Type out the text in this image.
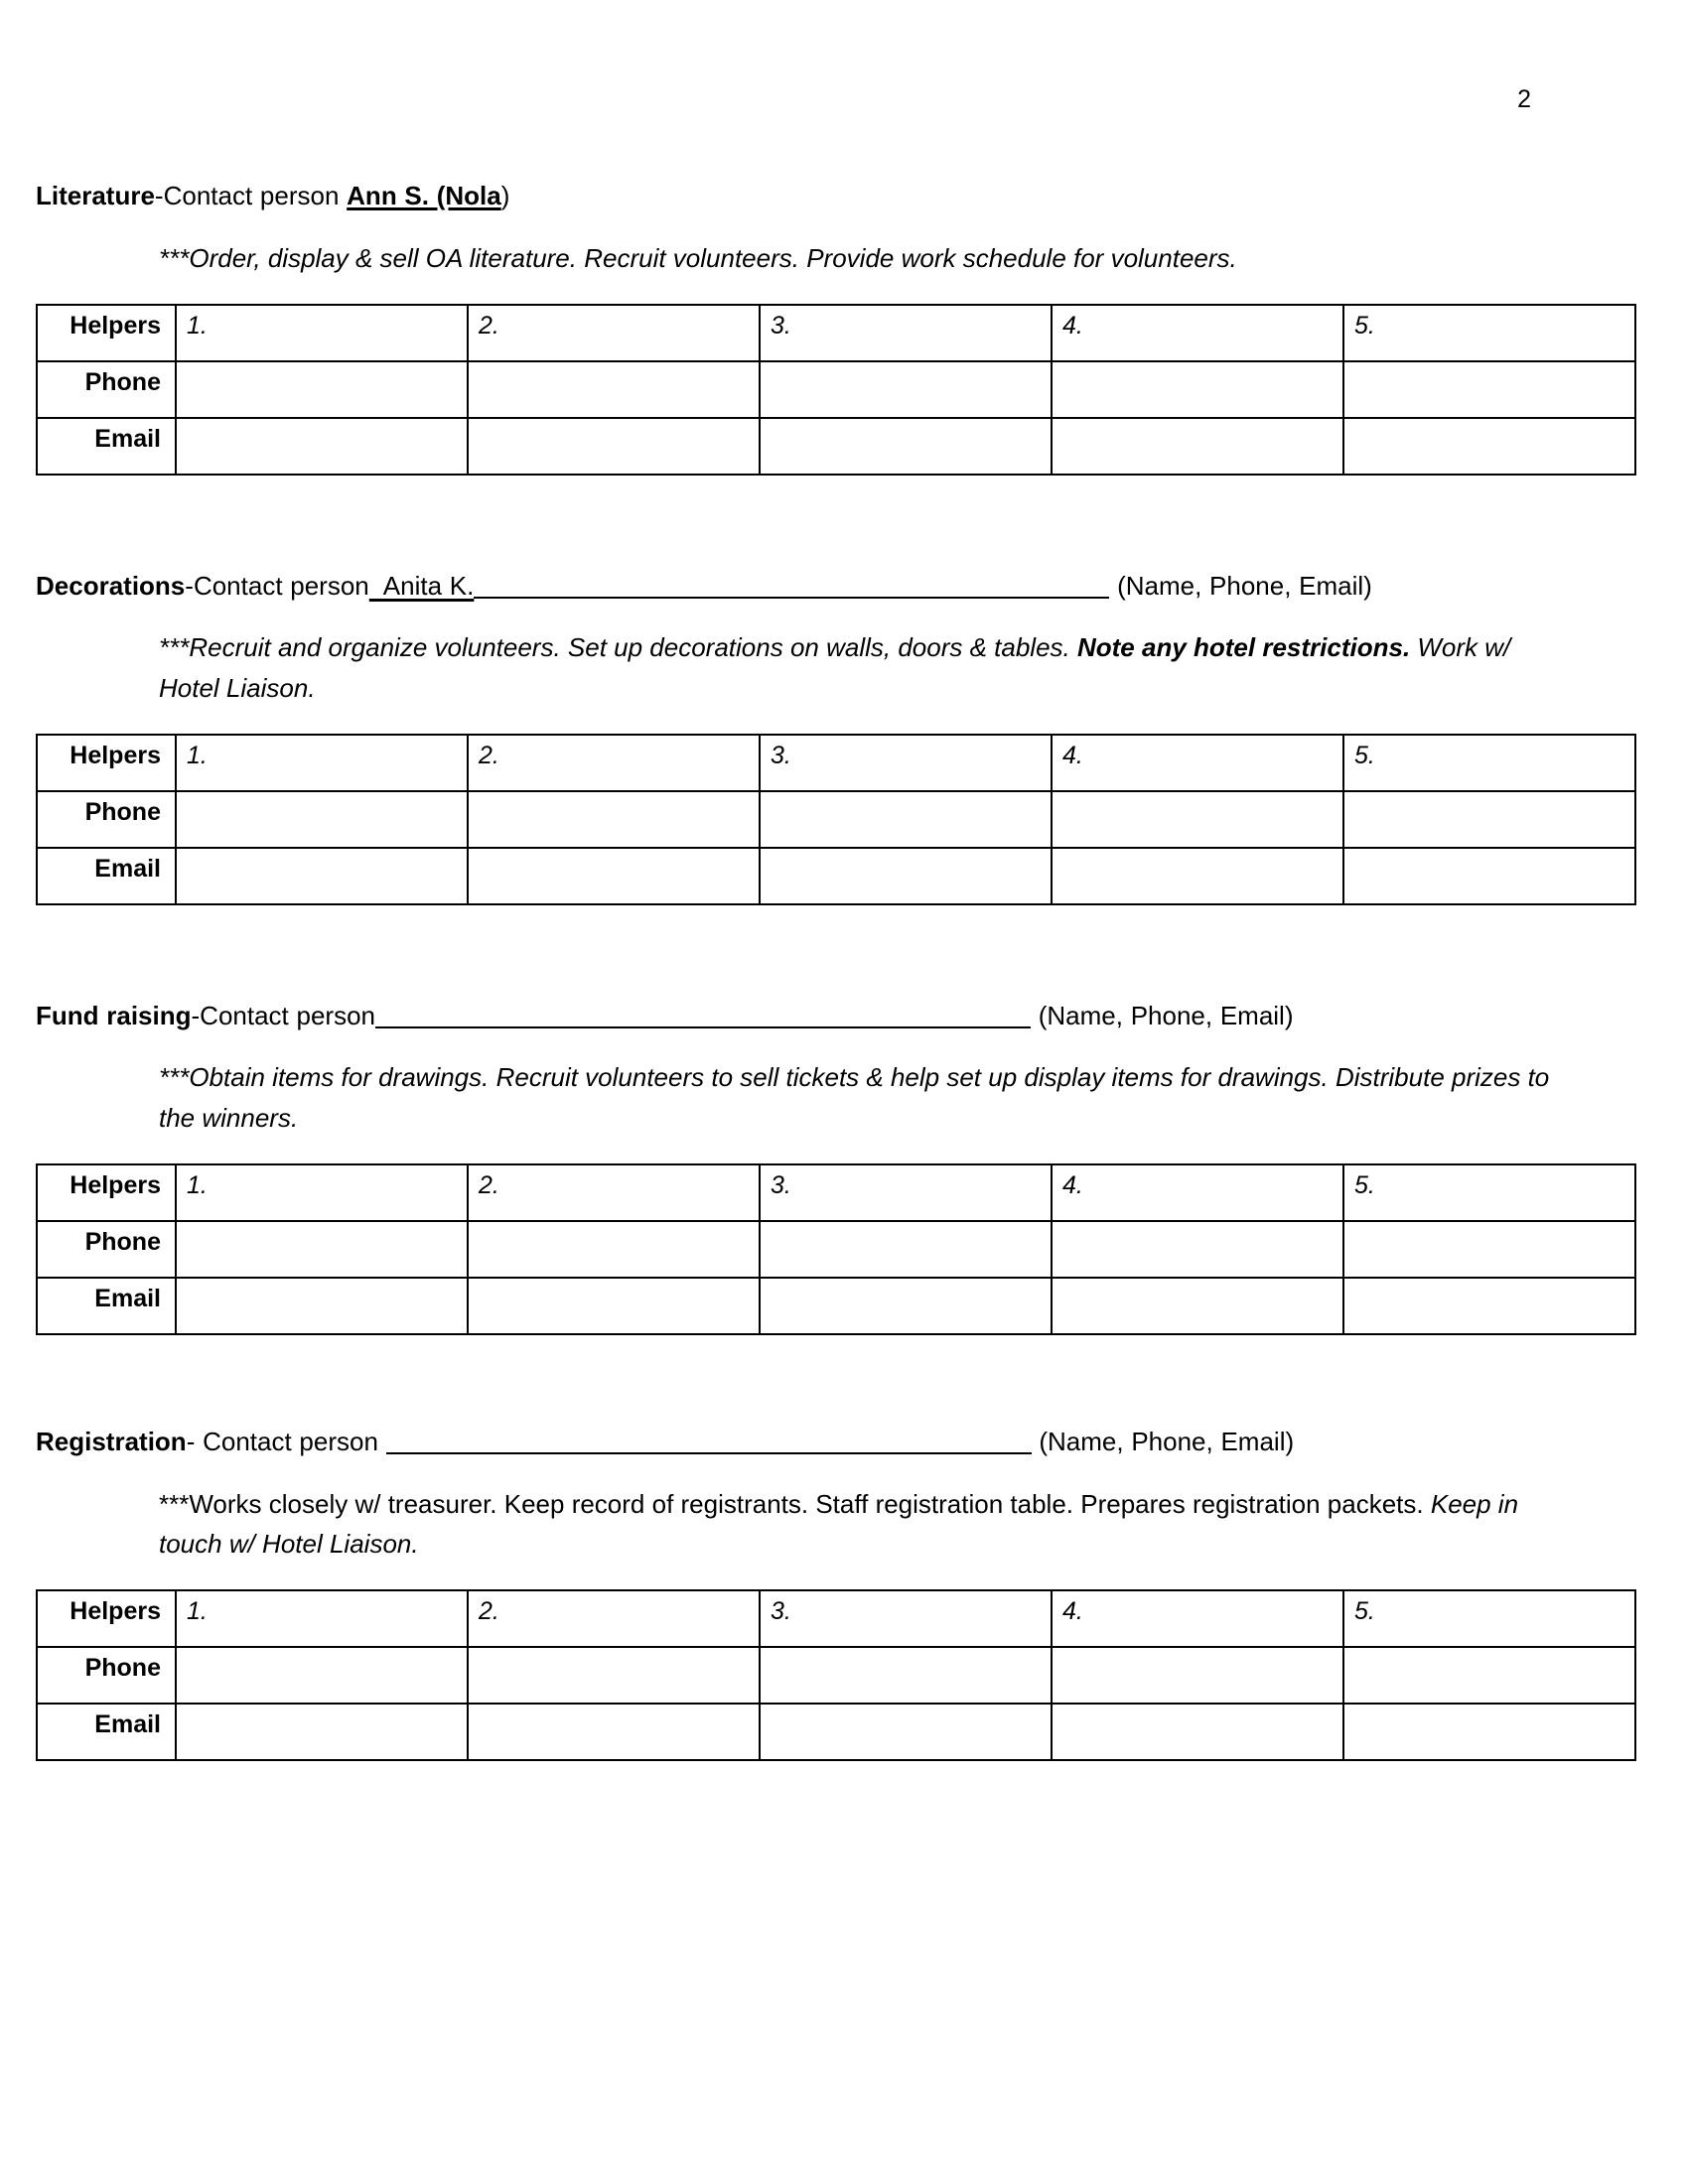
2

Literature-Contact person Ann S. (Nola)

***Order, display & sell OA literature. Recruit volunteers. Provide work schedule for volunteers.

Helpers	1.	2.	3.	4.	5.
Phone					
Email					

Decorations-Contact person  Anita K.	(Name, Phone, Email)

***Recruit and organize volunteers. Set up decorations on walls, doors & tables. Note any hotel restrictions. Work w/ Hotel Liaison.

Helpers	1.	2.	3.	4.	5.
Phone					
Email					

Fund raising-Contact person	(Name, Phone, Email)

***Obtain items for drawings. Recruit volunteers to sell tickets & help set up display items for drawings. Distribute prizes to the winners.

Helpers	1.	2.	3.	4.	5.
Phone					
Email					

Registration- Contact person	(Name, Phone, Email)

***Works closely w/ treasurer. Keep record of registrants. Staff registration table. Prepares registration packets. Keep in touch w/ Hotel Liaison.

Helpers	1.	2.	3.	4.	5.
Phone					
Email					
